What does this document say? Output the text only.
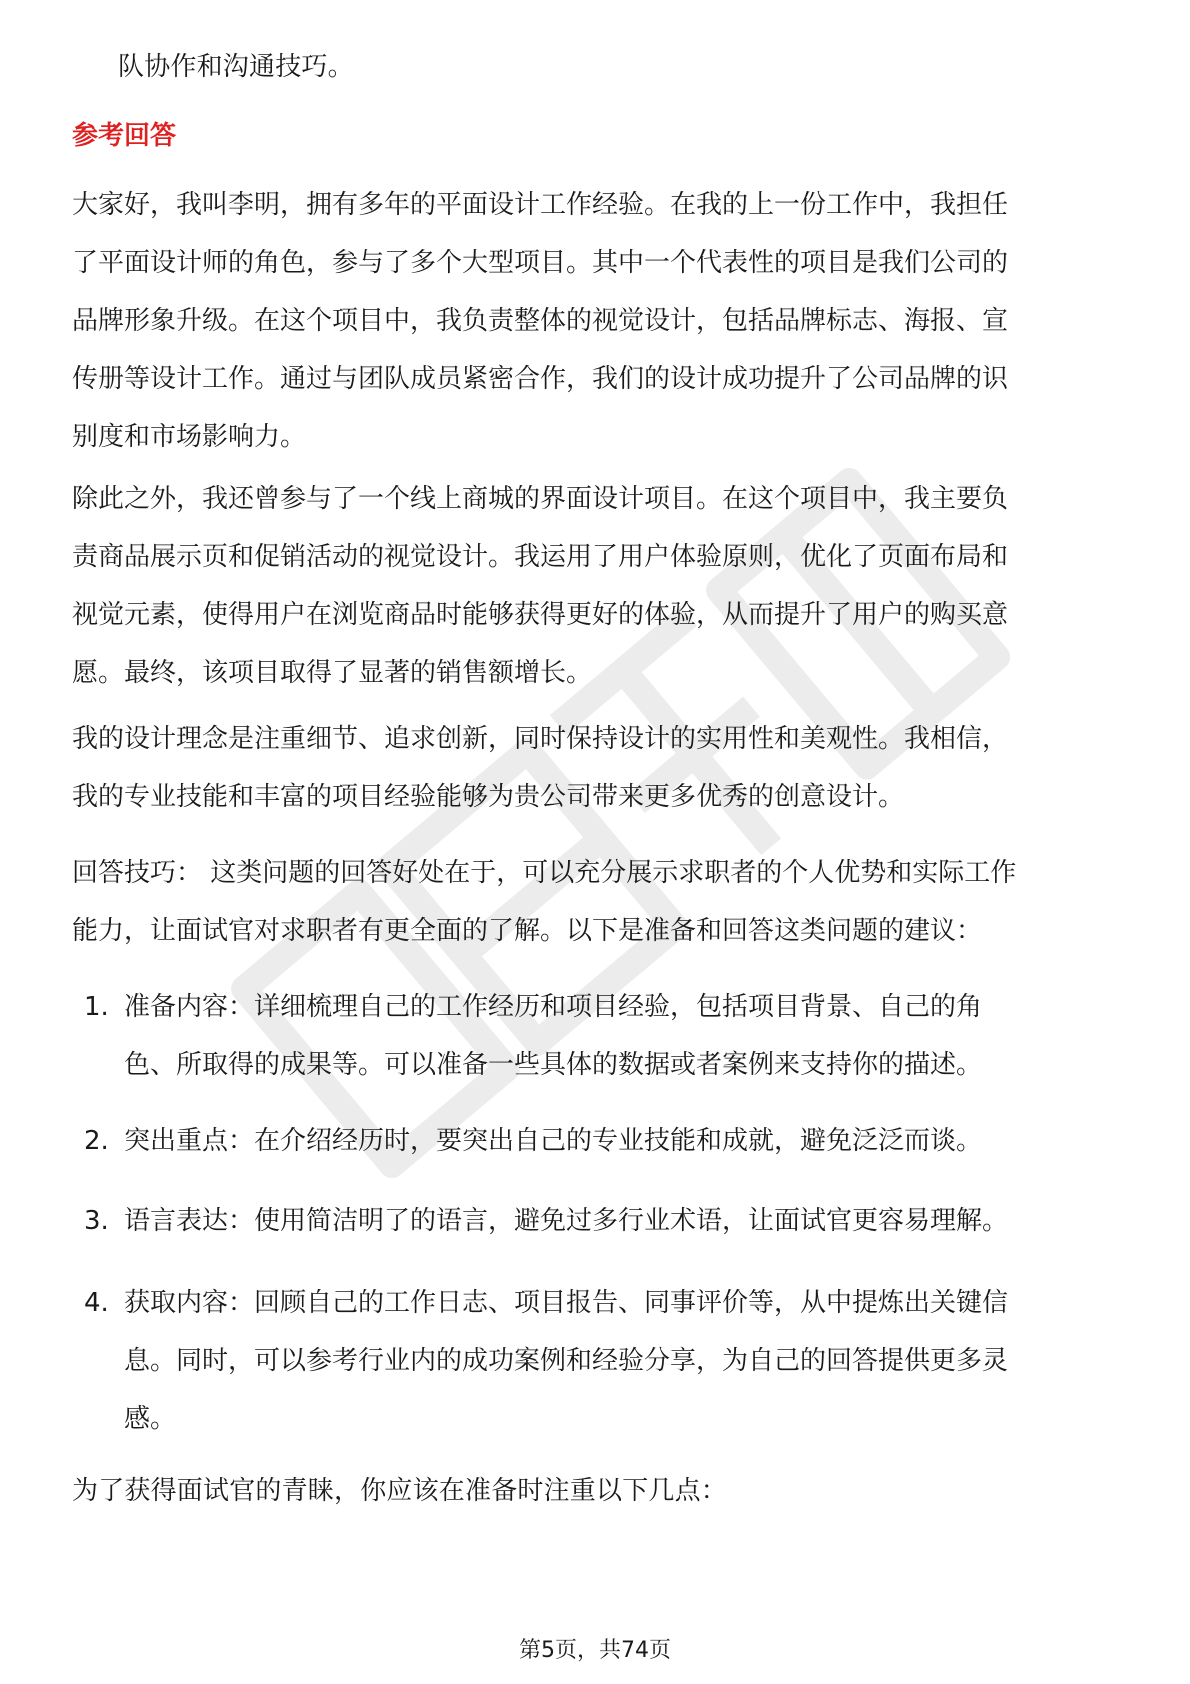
队协作和沟通技巧。
参考回答

大家好，我叫李明，拥有多年的平面设计工作经验。在我的上一份工作中，我担任

了平面设计师的角色，参与了多个大型项目。其中一个代表性的项目是我们公司的

品牌形象升级。在这个项目中，我负责整体的视觉设计，包括品牌标志、海报、宣

传册等设计工作。通过与团队成员紧密合作，我们的设计成功提升了公司品牌的识

别度和市场影响力。

除此之外，我还曾参与了一个线上商城的界面设计项目。在这个项目中，我主要负

责商品展示页和促销活动的视觉设计。我运用了用户体验原则，优化了页面布局和

视觉元素，使得用户在浏览商品时能够获得更好的体验，从而提升了用户的购买意

愿。最终，该项目取得了显著的销售额增长。

我的设计理念是注重细节、追求创新，同时保持设计的实用性和美观性。我相信，

我的专业技能和丰富的项目经验能够为贵公司带来更多优秀的创意设计。

回答技巧： 这类问题的回答好处在于，可以充分展示求职者的个人优势和实际工作

能力，让面试官对求职者有更全面的了解。以下是准备和回答这类问题的建议：

1. 准备内容：详细梳理自己的工作经历和项目经验，包括项目背景、自己的角
色、所取得的成果等。可以准备一些具体的数据或者案例来支持你的描述。
2. 突出重点：在介绍经历时，要突出自己的专业技能和成就，避免泛泛而谈。
3. 语言表达：使用简洁明了的语言，避免过多行业术语，让面试官更容易理解。
4. 获取内容：回顾自己的工作日志、项目报告、同事评价等，从中提炼出关键信
息。同时，可以参考行业内的成功案例和经验分享，为自己的回答提供更多灵
感。
为了获得面试官的青睐，你应该在准备时注重以下几点：
第5页，共74页
